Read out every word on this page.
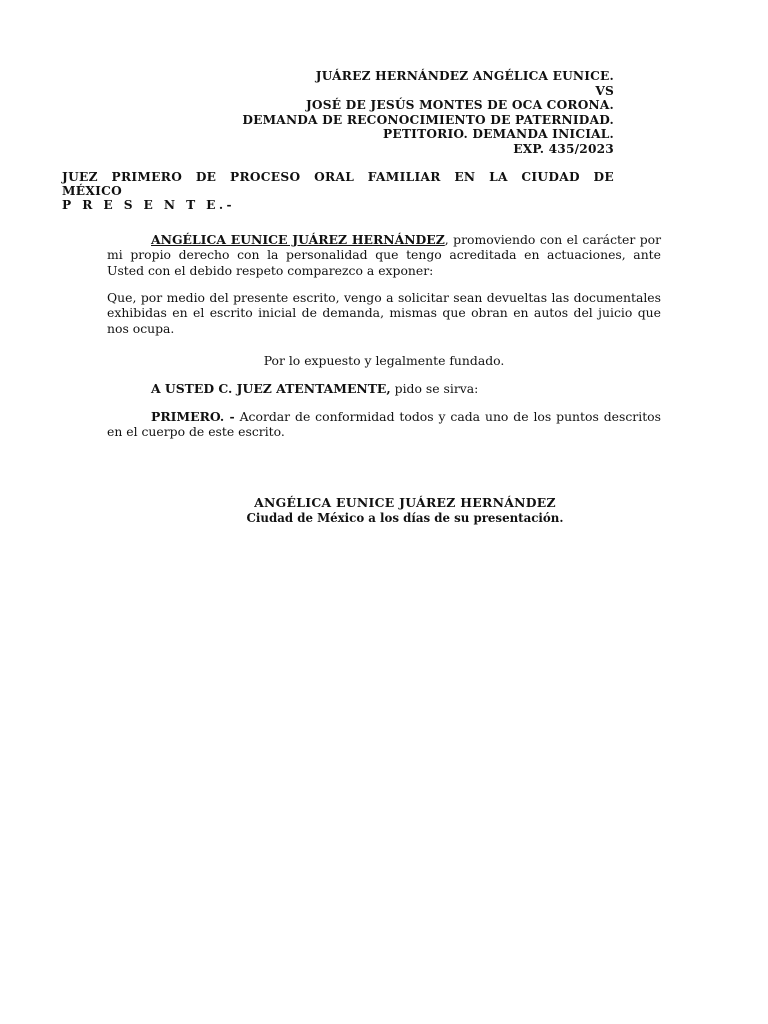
JUÁREZ HERNÁNDEZ ANGÉLICA EUNICE.
VS
JOSÉ DE JESÚS MONTES DE OCA CORONA.
DEMANDA DE RECONOCIMIENTO DE PATERNIDAD.
PETITORIO. DEMANDA INICIAL.
EXP. 435/2023
JUEZ PRIMERO DE PROCESO ORAL FAMILIAR EN LA CIUDAD DE
MÉXICO
P R E S E N T E.-
ANGÉLICA EUNICE JUÁREZ HERNÁNDEZ, promoviendo con el carácter por mi propio derecho con la personalidad que tengo acreditada en actuaciones, ante Usted con el debido respeto comparezco a exponer:
Que, por medio del presente escrito, vengo a solicitar sean devueltas las documentales exhibidas en el escrito inicial de demanda, mismas que obran en autos del juicio que nos ocupa.
Por lo expuesto y legalmente fundado.
A USTED C. JUEZ ATENTAMENTE, pido se sirva:
PRIMERO. - Acordar de conformidad todos y cada uno de los puntos descritos en el cuerpo de este escrito.
ANGÉLICA EUNICE JUÁREZ HERNÁNDEZ
Ciudad de México a los días de su presentación.
